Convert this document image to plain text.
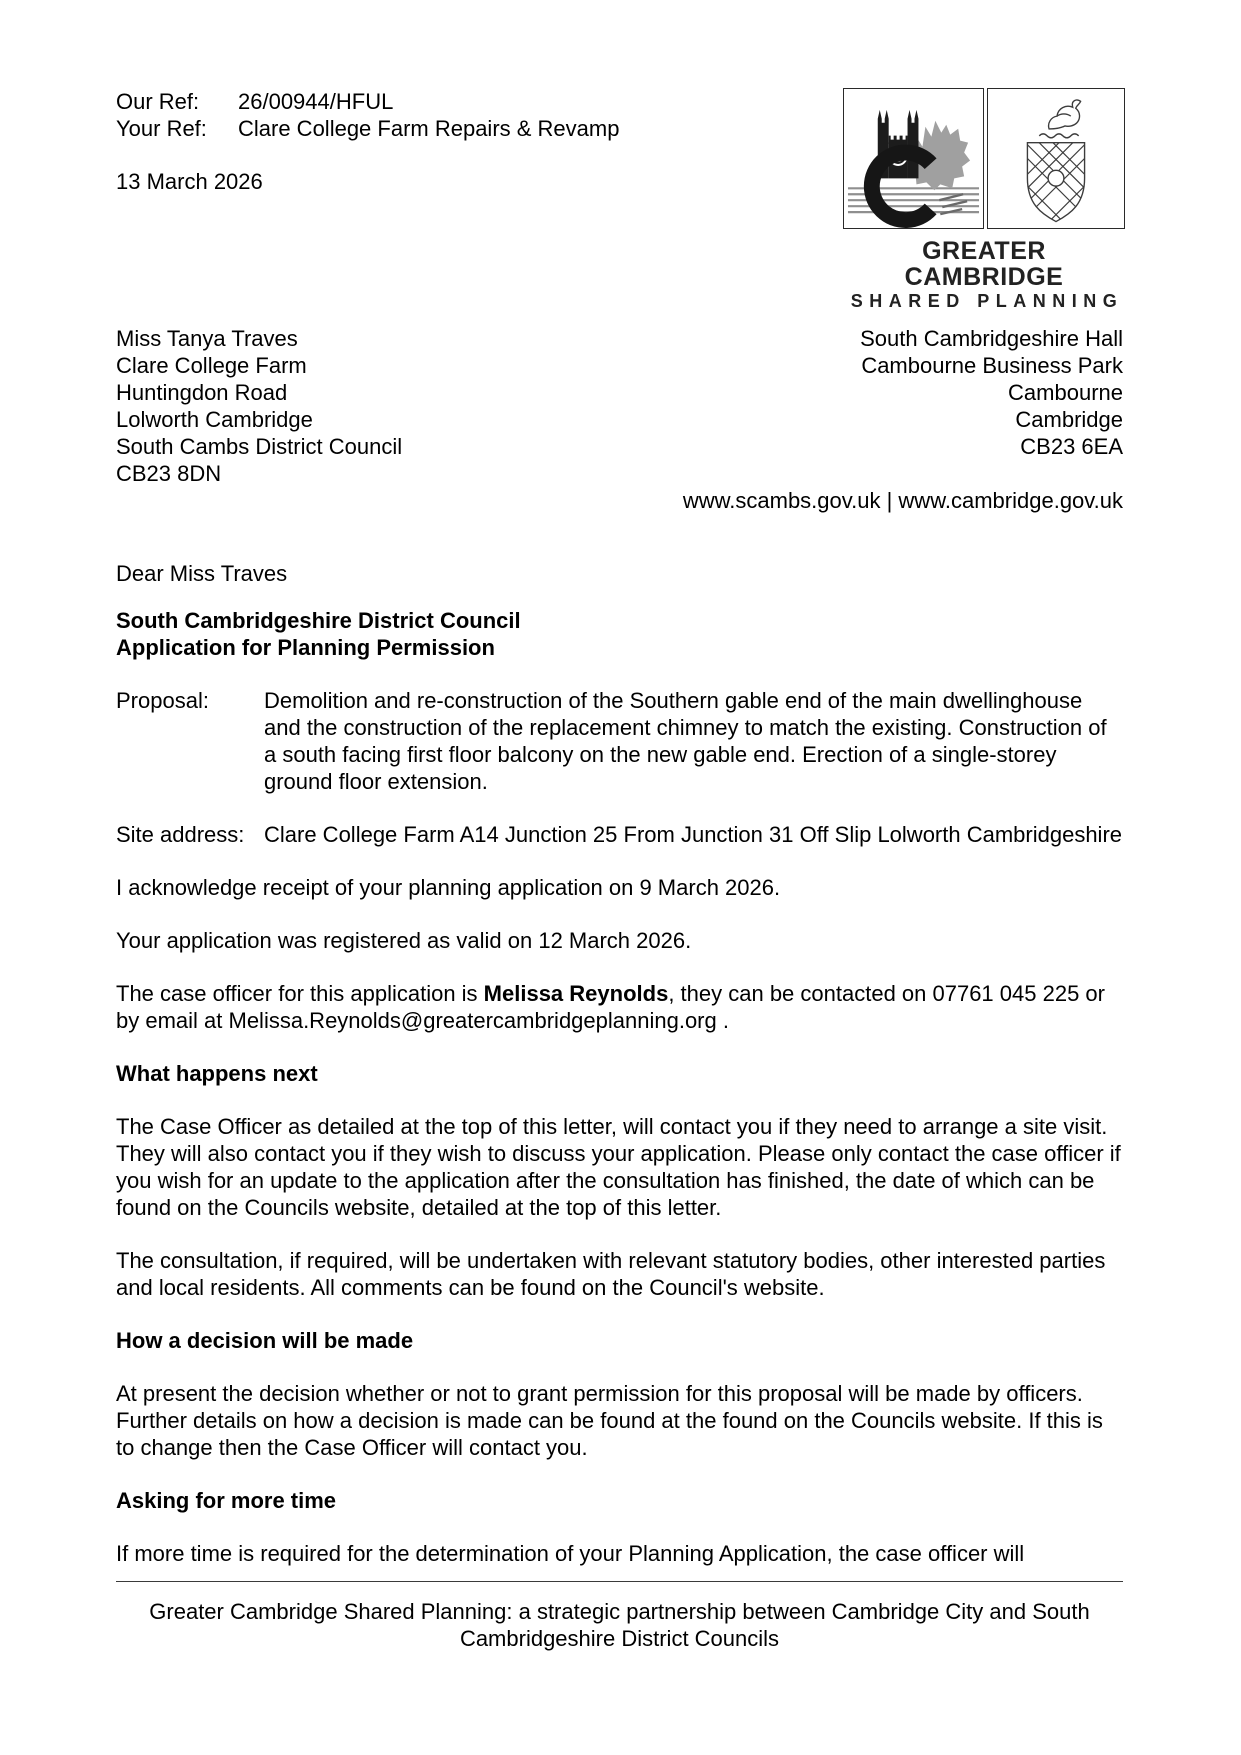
Our Ref:	26/00944/HFUL
Your Ref:	Clare College Farm Repairs & Revamp
13 March 2026
GREATER CAMBRIDGE
SHARED PLANNING
Miss Tanya Traves
Clare College Farm
Huntingdon Road
Lolworth Cambridge
South Cambs District Council
CB23 8DN
South Cambridgeshire Hall
Cambourne Business Park
Cambourne
Cambridge
CB23 6EA
www.scambs.gov.uk | www.cambridge.gov.uk
Dear Miss Traves
South Cambridgeshire District Council
Application for Planning Permission
Proposal:	Demolition and re-construction of the Southern gable end of the main dwellinghouse and the construction of the replacement chimney to match the existing. Construction of a south facing first floor balcony on the new gable end. Erection of a single-storey ground floor extension.
Site address: Clare College Farm A14 Junction 25 From Junction 31 Off Slip Lolworth Cambridgeshire
I acknowledge receipt of your planning application on 9 March 2026.
Your application was registered as valid on 12 March 2026.
The case officer for this application is Melissa Reynolds, they can be contacted on 07761 045 225 or by email at Melissa.Reynolds@greatercambridgeplanning.org .
What happens next
The Case Officer as detailed at the top of this letter, will contact you if they need to arrange a site visit. They will also contact you if they wish to discuss your application. Please only contact the case officer if you wish for an update to the application after the consultation has finished, the date of which can be found on the Councils website, detailed at the top of this letter.
The consultation, if required, will be undertaken with relevant statutory bodies, other interested parties and local residents. All comments can be found on the Council's website.
How a decision will be made
At present the decision whether or not to grant permission for this proposal will be made by officers. Further details on how a decision is made can be found at the found on the Councils website. If this is to change then the Case Officer will contact you.
Asking for more time
If more time is required for the determination of your Planning Application, the case officer will
Greater Cambridge Shared Planning: a strategic partnership between Cambridge City and South Cambridgeshire District Councils
